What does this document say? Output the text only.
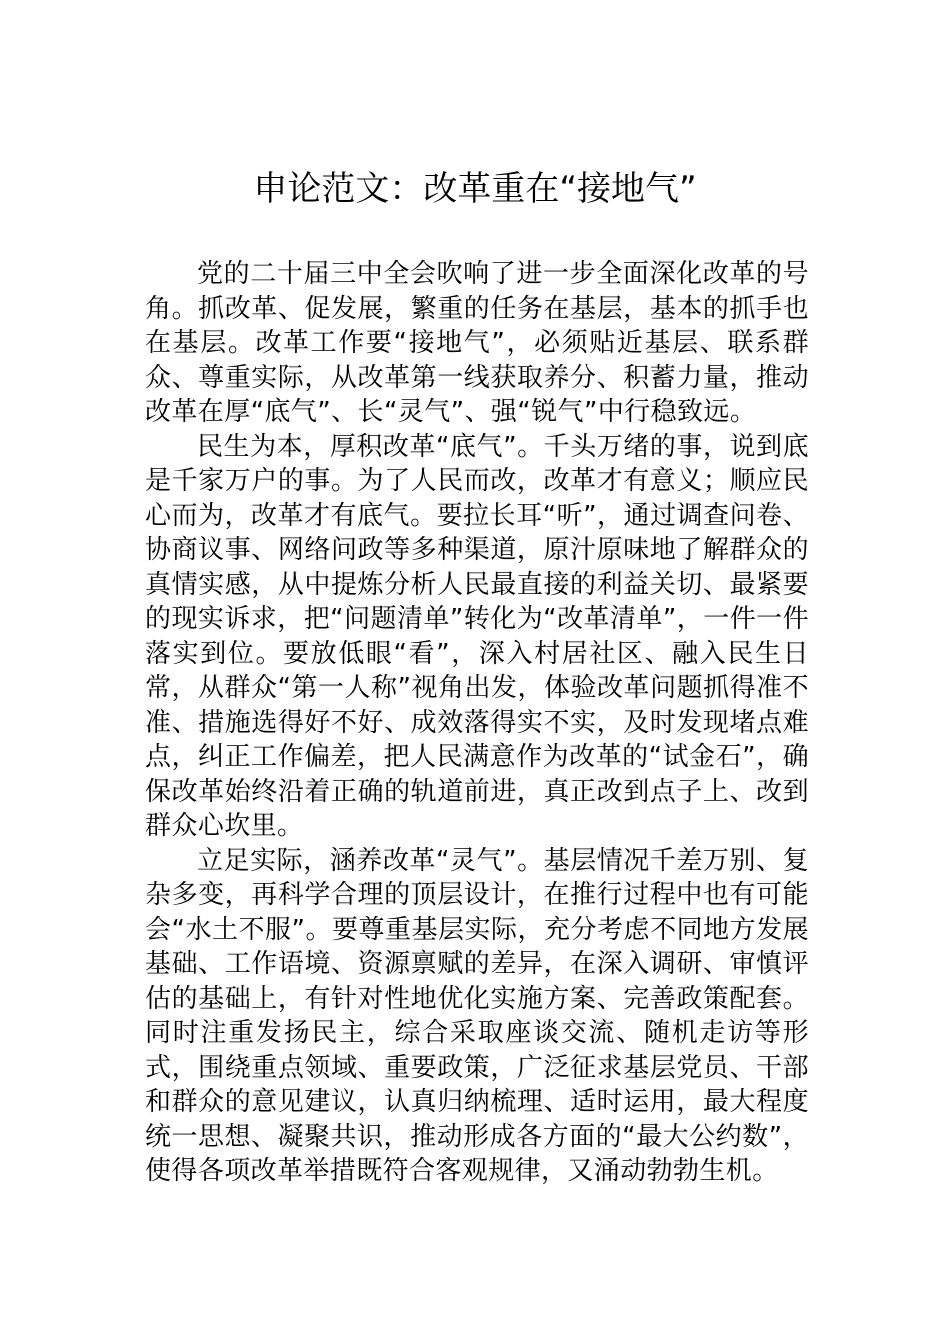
申论范文：改革重在“接地气”

党的二十届三中全会吹响了进一步全面深化改革的号角。抓改革、促发展，繁重的任务在基层，基本的抓手也在基层。改革工作要“接地气”，必须贴近基层、联系群众、尊重实际，从改革第一线获取养分、积蓄力量，推动改革在厚“底气”、长“灵气”、强“锐气”中行稳致远。

民生为本，厚积改革“底气”。千头万绪的事，说到底是千家万户的事。为了人民而改，改革才有意义；顺应民心而为，改革才有底气。要拉长耳“听”，通过调查问卷、协商议事、网络问政等多种渠道，原汁原味地了解群众的真情实感，从中提炼分析人民最直接的利益关切、最紧要的现实诉求，把“问题清单”转化为“改革清单”，一件一件落实到位。要放低眼“看”，深入村居社区、融入民生日常，从群众“第一人称”视角出发，体验改革问题抓得准不准、措施选得好不好、成效落得实不实，及时发现堵点难点，纠正工作偏差，把人民满意作为改革的“试金石”，确保改革始终沿着正确的轨道前进，真正改到点子上、改到群众心坎里。

立足实际，涵养改革“灵气”。基层情况千差万别、复杂多变，再科学合理的顶层设计，在推行过程中也有可能会“水土不服”。要尊重基层实际，充分考虑不同地方发展基础、工作语境、资源禀赋的差异，在深入调研、审慎评估的基础上，有针对性地优化实施方案、完善政策配套。同时注重发扬民主，综合采取座谈交流、随机走访等形式，围绕重点领域、重要政策，广泛征求基层党员、干部和群众的意见建议，认真归纳梳理、适时运用，最大程度统一思想、凝聚共识，推动形成各方面的“最大公约数”，使得各项改革举措既符合客观规律，又涌动勃勃生机。
